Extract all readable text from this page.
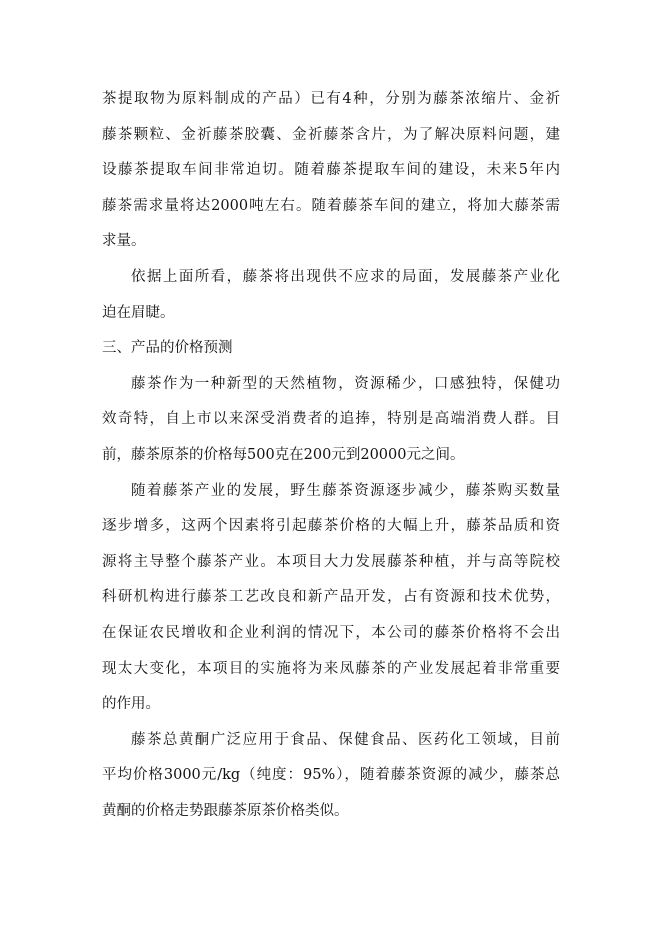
茶提取物为原料制成的产品）已有4种，分别为藤茶浓缩片、金祈
藤茶颗粒、金祈藤茶胶囊、金祈藤茶含片，为了解决原料问题，建
设藤茶提取车间非常迫切。随着藤茶提取车间的建设，未来5年内
藤茶需求量将达2000吨左右。随着藤茶车间的建立，将加大藤茶需
求量。
依据上面所看，藤茶将出现供不应求的局面，发展藤茶产业化
迫在眉睫。
三、产品的价格预测
藤茶作为一种新型的天然植物，资源稀少，口感独特，保健功
效奇特，自上市以来深受消费者的追捧，特别是高端消费人群。目
前，藤茶原茶的价格每500克在200元到20000元之间。
随着藤茶产业的发展，野生藤茶资源逐步减少，藤茶购买数量
逐步增多，这两个因素将引起藤茶价格的大幅上升，藤茶品质和资
源将主导整个藤茶产业。本项目大力发展藤茶种植，并与高等院校
科研机构进行藤茶工艺改良和新产品开发，占有资源和技术优势，
在保证农民增收和企业利润的情况下，本公司的藤茶价格将不会出
现太大变化，本项目的实施将为来凤藤茶的产业发展起着非常重要
的作用。
藤茶总黄酮广泛应用于食品、保健食品、医药化工领域，目前
平均价格3000元/kg（纯度：95%），随着藤茶资源的减少，藤茶总
黄酮的价格走势跟藤茶原茶价格类似。
